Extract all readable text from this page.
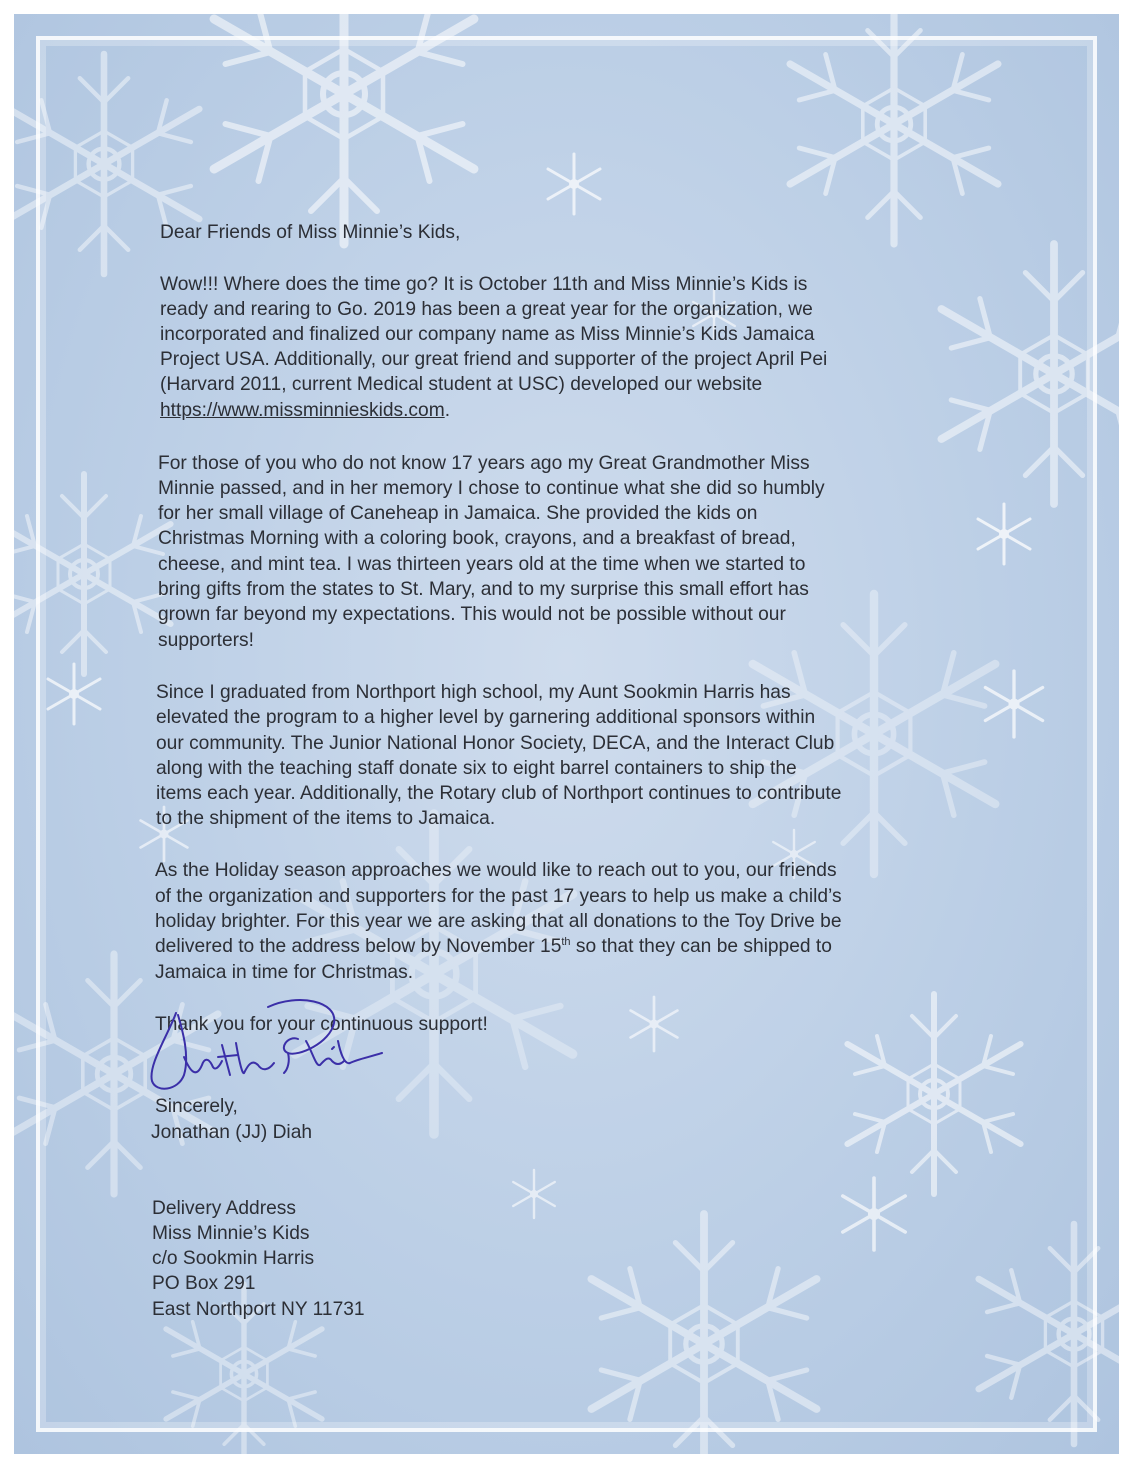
Dear Friends of Miss Minnie’s Kids,
Wow!!! Where does the time go? It is October 11th and Miss Minnie’s Kids is
ready and rearing to Go. 2019 has been a great year for the organization, we
incorporated and finalized our company name as Miss Minnie’s Kids Jamaica
Project USA. Additionally, our great friend and supporter of the project April Pei
(Harvard 2011, current Medical student at USC) developed our website
https://www.missminnieskids.com.
For those of you who do not know 17 years ago my Great Grandmother Miss
Minnie passed, and in her memory I chose to continue what she did so humbly
for her small village of Caneheap in Jamaica. She provided the kids on
Christmas Morning with a coloring book, crayons, and a breakfast of bread,
cheese, and mint tea. I was thirteen years old at the time when we started to
bring gifts from the states to St. Mary, and to my surprise this small effort has
grown far beyond my expectations. This would not be possible without our
supporters!
Since I graduated from Northport high school, my Aunt Sookmin Harris has
elevated the program to a higher level by garnering additional sponsors within
our community. The Junior National Honor Society, DECA, and the Interact Club
along with the teaching staff donate six to eight barrel containers to ship the
items each year. Additionally, the Rotary club of Northport continues to contribute
to the shipment of the items to Jamaica.
As the Holiday season approaches we would like to reach out to you, our friends
of the organization and supporters for the past 17 years to help us make a child’s
holiday brighter. For this year we are asking that all donations to the Toy Drive be
delivered to the address below by November 15th so that they can be shipped to
Jamaica in time for Christmas.
Thank you for your continuous support!
Sincerely,
Jonathan (JJ) Diah
Delivery Address
Miss Minnie’s Kids
c/o Sookmin Harris
PO Box 291
East Northport NY 11731
